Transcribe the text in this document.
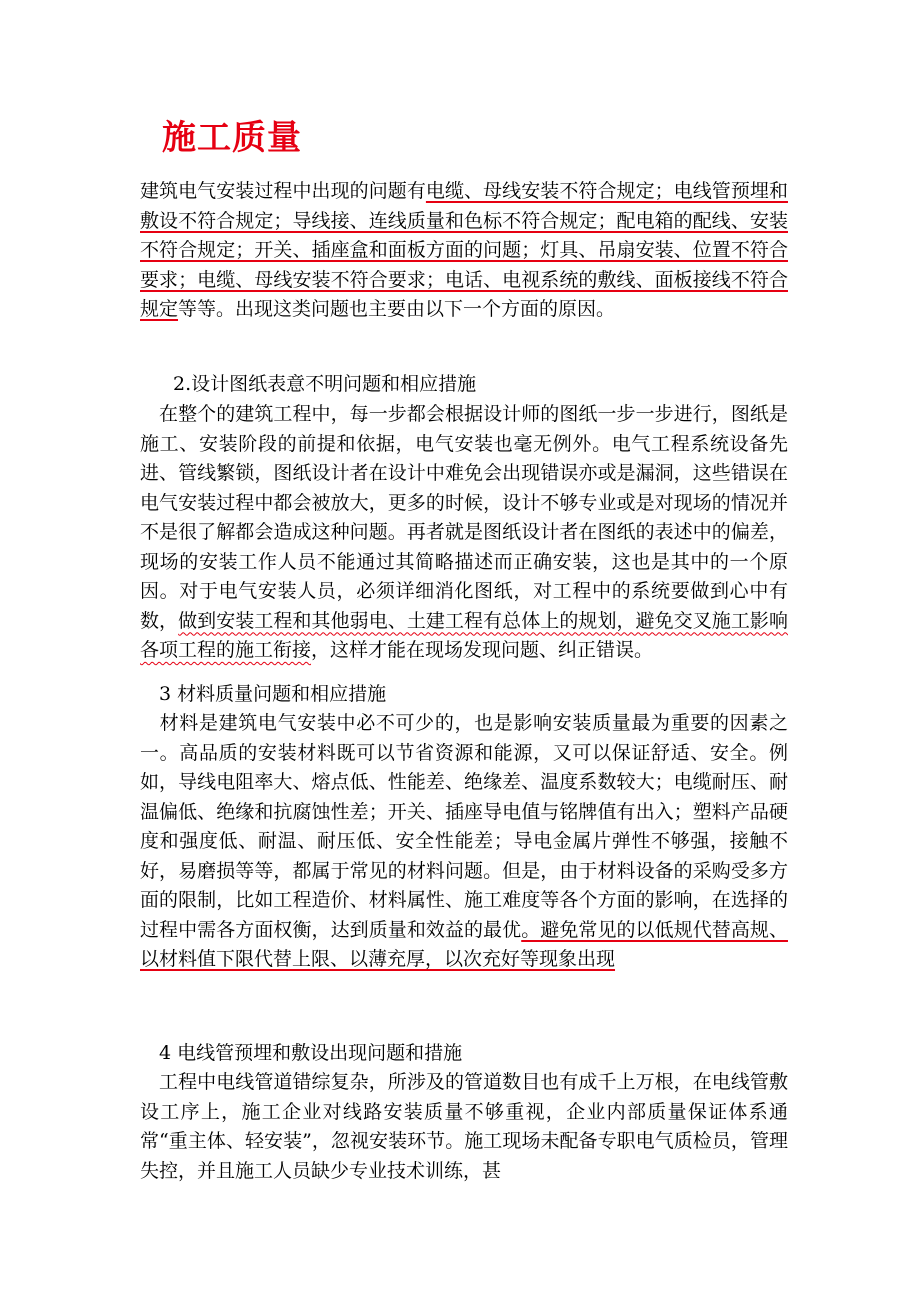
施工质量
建筑电气安装过程中出现的问题有电缆、母线安装不符合规定；电线管预埋和敷设不符合规定；导线接、连线质量和色标不符合规定；配电箱的配线、安装不符合规定；开关、插座盒和面板方面的问题；灯具、吊扇安装、位置不符合要求；电缆、母线安装不符合要求；电话、电视系统的敷线、面板接线不符合规定等等。出现这类问题也主要由以下一个方面的原因。
2.设计图纸表意不明问题和相应措施
在整个的建筑工程中，每一步都会根据设计师的图纸一步一步进行，图纸是施工、安装阶段的前提和依据，电气安装也毫无例外。电气工程系统设备先进、管线繁锁，图纸设计者在设计中难免会出现错误亦或是漏洞，这些错误在电气安装过程中都会被放大，更多的时候，设计不够专业或是对现场的情况并不是很了解都会造成这种问题。再者就是图纸设计者在图纸的表述中的偏差，现场的安装工作人员不能通过其简略描述而正确安装，这也是其中的一个原因。对于电气安装人员，必须详细消化图纸，对工程中的系统要做到心中有数，做到安装工程和其他弱电、土建工程有总体上的规划，避免交叉施工影响各项工程的施工衔接，这样才能在现场发现问题、纠正错误。
3 材料质量问题和相应措施
材料是建筑电气安装中必不可少的，也是影响安装质量最为重要的因素之一。高品质的安装材料既可以节省资源和能源，又可以保证舒适、安全。例如，导线电阻率大、熔点低、性能差、绝缘差、温度系数较大；电缆耐压、耐温偏低、绝缘和抗腐蚀性差；开关、插座导电值与铭牌值有出入；塑料产品硬度和强度低、耐温、耐压低、安全性能差；导电金属片弹性不够强，接触不好，易磨损等等，都属于常见的材料问题。但是，由于材料设备的采购受多方面的限制，比如工程造价、材料属性、施工难度等各个方面的影响，在选择的过程中需各方面权衡，达到质量和效益的最优。避免常见的以低规代替高规、以材料值下限代替上限、以薄充厚，以次充好等现象出现
4 电线管预埋和敷设出现问题和措施
工程中电线管道错综复杂，所涉及的管道数目也有成千上万根，在电线管敷设工序上，施工企业对线路安装质量不够重视，企业内部质量保证体系通常“重主体、轻安装”，忽视安装环节。施工现场未配备专职电气质检员，管理失控，并且施工人员缺少专业技术训练，甚
